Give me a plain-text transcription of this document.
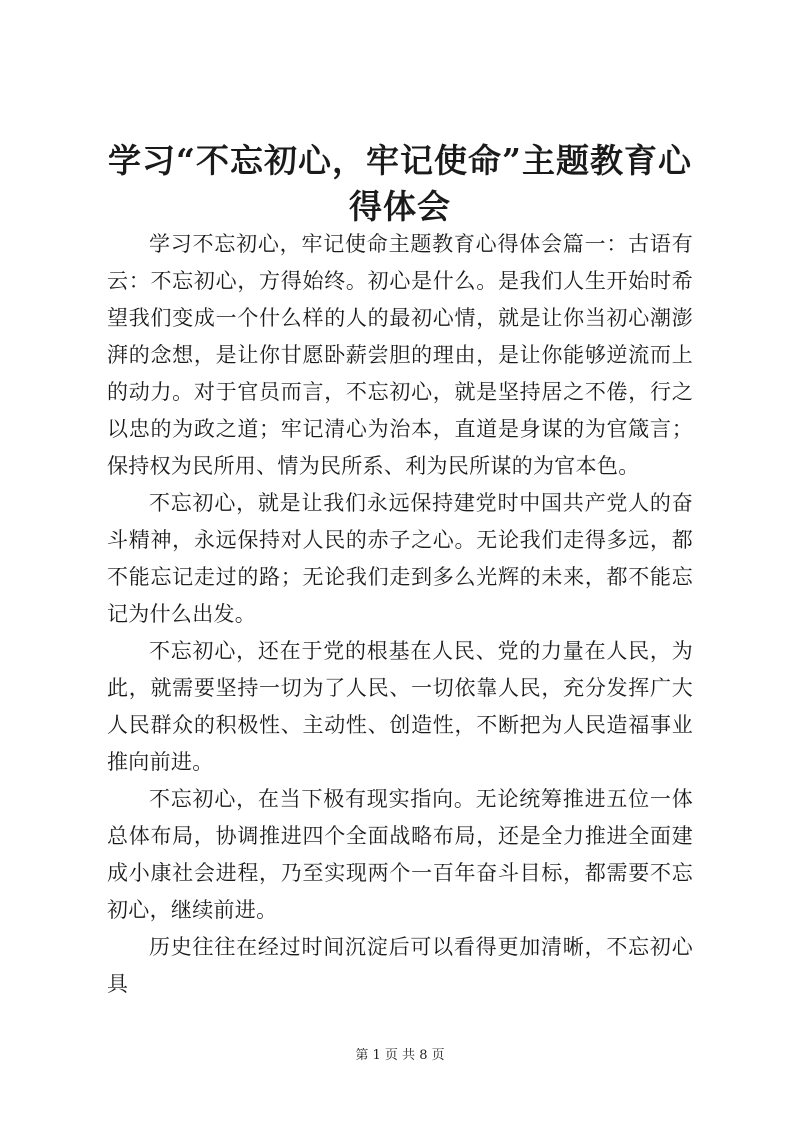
学习“不忘初心，牢记使命”主题教育心得体会

学习不忘初心，牢记使命主题教育心得体会篇一：古语有云：不忘初心，方得始终。初心是什么。是我们人生开始时希望我们变成一个什么样的人的最初心情，就是让你当初心潮澎湃的念想，是让你甘愿卧薪尝胆的理由，是让你能够逆流而上的动力。对于官员而言，不忘初心，就是坚持居之不倦，行之以忠的为政之道；牢记清心为治本，直道是身谋的为官箴言；保持权为民所用、情为民所系、利为民所谋的为官本色。

不忘初心，就是让我们永远保持建党时中国共产党人的奋斗精神，永远保持对人民的赤子之心。无论我们走得多远，都不能忘记走过的路；无论我们走到多么光辉的未来，都不能忘记为什么出发。

不忘初心，还在于党的根基在人民、党的力量在人民，为此，就需要坚持一切为了人民、一切依靠人民，充分发挥广大人民群众的积极性、主动性、创造性，不断把为人民造福事业推向前进。

不忘初心，在当下极有现实指向。无论统筹推进五位一体总体布局，协调推进四个全面战略布局，还是全力推进全面建成小康社会进程，乃至实现两个一百年奋斗目标，都需要不忘初心，继续前进。

历史往往在经过时间沉淀后可以看得更加清晰，不忘初心具

第 1 页 共 8 页
